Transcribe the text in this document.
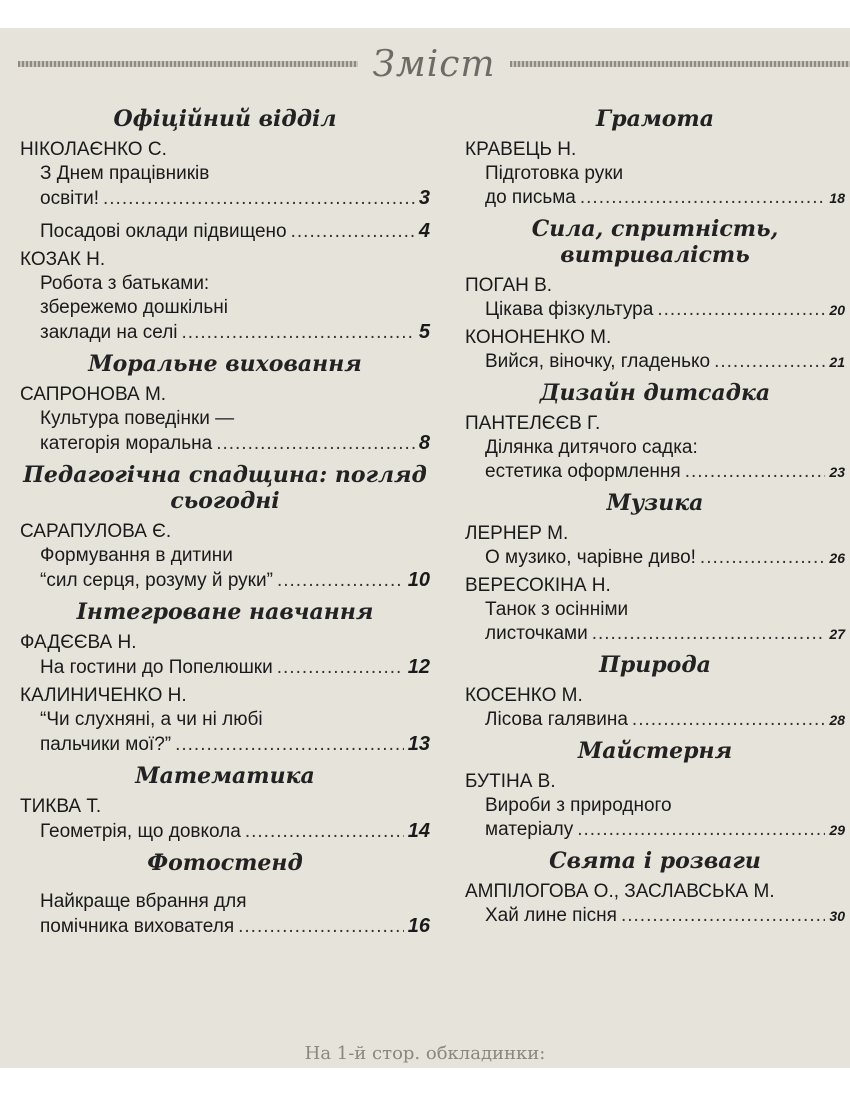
Зміст
Офіційний відділ
НІКОЛАЄНКО С.
З Днем працівників
освіти! .....	3
Посадові оклади підвищено .....	4
КОЗАК Н.
Робота з батьками:
збережемо дошкільні
заклади на селі .....	5
Моральне виховання
САПРОНОВА М.
Культура поведінки —
категорія моральна .....	8
Педагогічна спадщина: погляд сьогодні
САРАПУЛОВА Є.
Формування в дитини
“сил серця, розуму й руки” .....	10
Інтегроване навчання
ФАДЄЄВА Н.
На гостини до Попелюшки .....	12
КАЛИНИЧЕНКО Н.
“Чи слухняні, а чи ні любі
пальчики мої?” .....	13
Математика
ТИКВА Т.
Геометрія, що довкола .....	14
Фотостенд
Найкраще вбрання для
помічника вихователя .....	16
Грамота
КРАВЕЦЬ Н.
Підготовка руки
до письма .....	18
Сила, спритність, витривалість
ПОГАН В.
Цікава фізкультура .....	20
КОНОНЕНКО М.
Вийся, віночку, гладенько .....	21
Дизайн дитсадка
ПАНТЕЛЄЄВ Г.
Ділянка дитячого садка:
естетика оформлення .....	23
Музика
ЛЕРНЕР М.
О музико, чарівне диво! .....	26
ВЕРЕСОКІНА Н.
Танок з осінніми
листочками .....	27
Природа
КОСЕНКО М.
Лісова галявина .....	28
Майстерня
БУТІНА В.
Вироби з природного
матеріалу .....	29
Свята і розваги
АМПІЛОГОВА О., ЗАСЛАВСЬКА М.
Хай лине пісня .....	30
На 1-й стор. обкладинки:
